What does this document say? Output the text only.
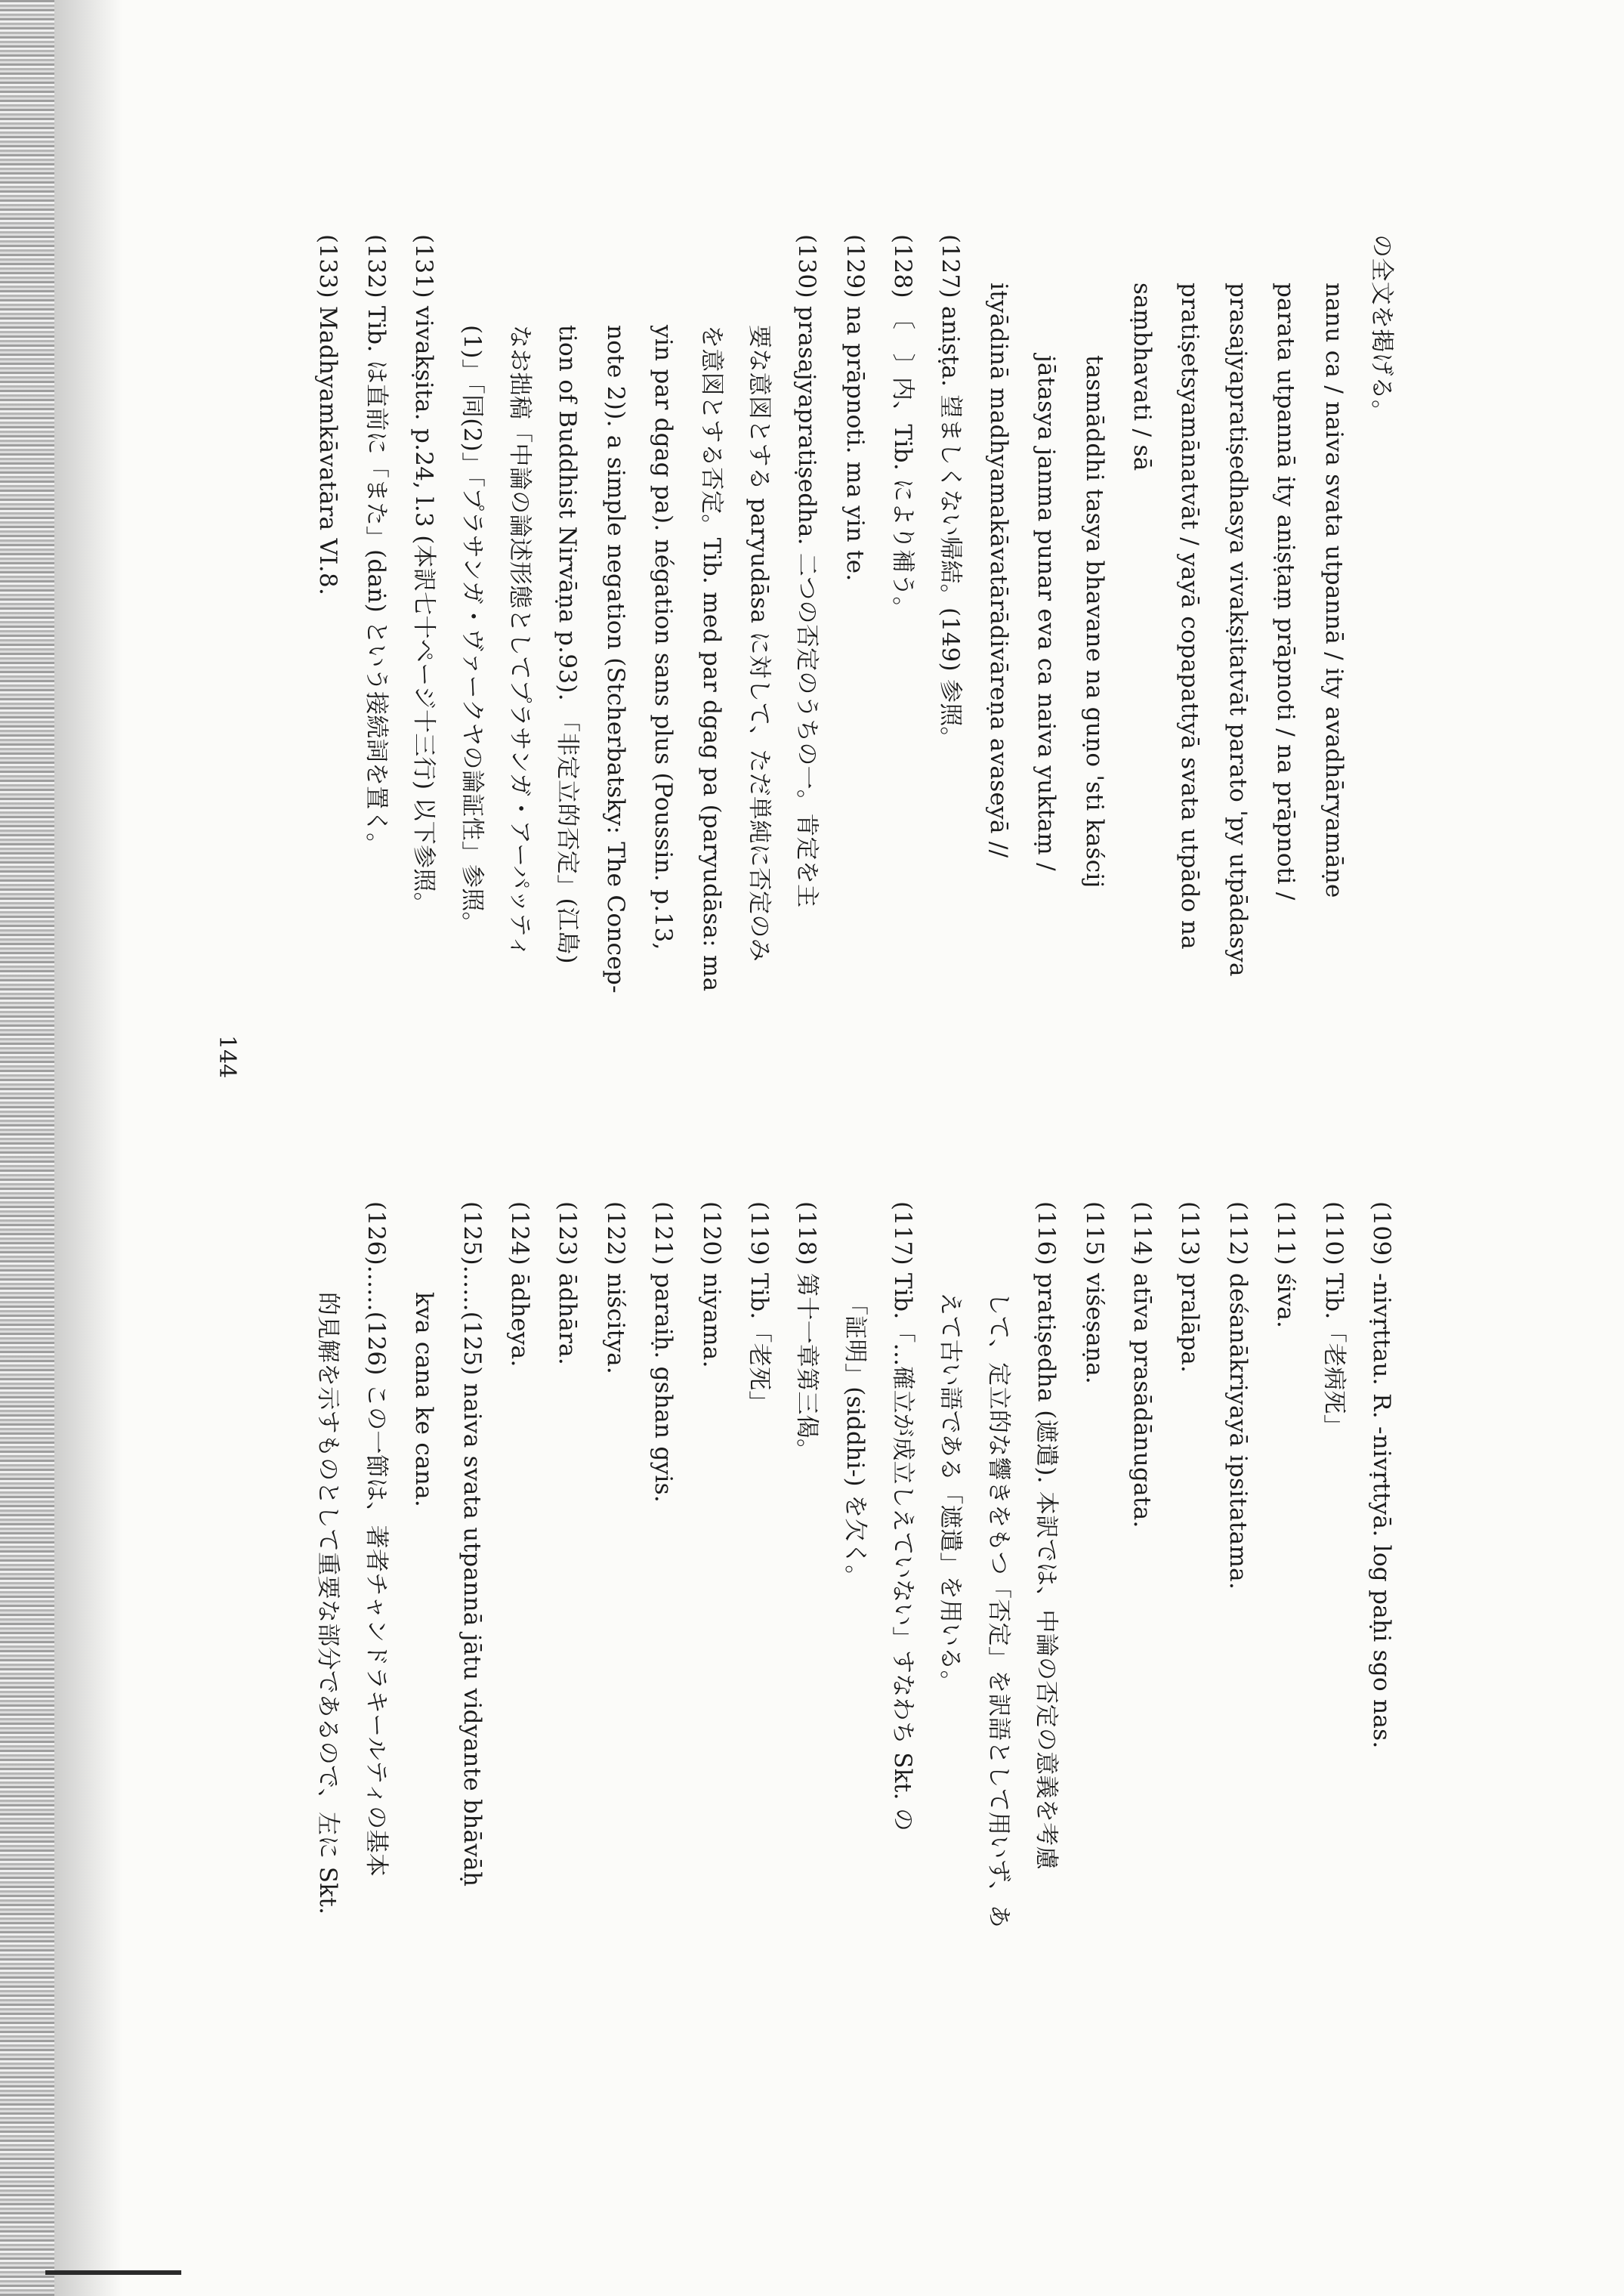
144
の全文を掲げる。
nanu ca / naiva svata utpannā / ity avadhāryamāṇe
parata utpannā ity aniṣṭaṃ prāpnoti / na prāpnoti /
prasajyapratiṣedhasya vivakṣitatvāt parato 'py utpādasya
pratiṣetsyamānatvāt / yayā copapattyā svata utpādo na
saṃbhavati / sā
tasmāddhi tasya bhavane na guṇo 'sti kaścij
jātasya janma punar eva ca naiva yuktaṃ /
ityādinā madhyamakāvatārādivāreṇa avaseyā //
(127) aniṣṭa. 望ましくない帰結。(149) 参照。
(128) 〔　〕内、Tib. により補う。
(129) na prāpnoti. ma yin te.
(130) prasajyapratiṣedha. 二つの否定のうちの一。肯定を主
要な意図とする paryudāsa に対して、ただ単純に否定のみ
を意図とする否定。Tib. med par dgag pa (paryudāsa: ma
yin par dgag pa). négation sans plus (Poussin. p.13,
note 2)). a simple negation (Stcherbatsky: The Concep-
tion of Buddhist Nirvāṇa p.93). 「非定立的否定」(江島)
なお拙稿「中論の論述形態としてプラサンガ・アーパッティ
(1)」「同(2)」「プラサンガ・ヴァークヤの論証性」参照。
(131) vivakṣita. p.24, l.3 (本訳七十ページ十三行) 以下参照。
(132) Tib. は直前に「また」(daṅ) という接続詞を置く。
(133) Madhyamkāvatāra VI.8.
(109) -nivṛttau. R. -nivṛttyā. log paḥi sgo nas.
(110) Tib.「老病死」
(111) śiva.
(112) deśanākriyayā ipsitatama.
(113) pralāpa.
(114) atīva prasādānugata.
(115) viśeṣaṇa.
(116) pratiṣedha (遮遣). 本訳では、中論の否定の意義を考慮
して、定立的な響きをもつ「否定」を訳語として用いず、あ
えて古い語である「遮遣」を用いる。
(117) Tib.「...確立が成立しえていない」すなわち Skt. の
「証明」(siddhi-) を欠く。
(118) 第十一章第三偈。
(119) Tib.「老死」
(120) niyama.
(121) paraiḥ. gshan gyis.
(122) niścitya.
(123) ādhāra.
(124) ādheya.
(125)......(125) naiva svata utpannā jātu vidyante bhāvāḥ
kva cana ke cana.
(126)......(126) この一節は、著者チャンドラキールティの基本
的見解を示すものとして重要な部分であるので、左に Skt.
